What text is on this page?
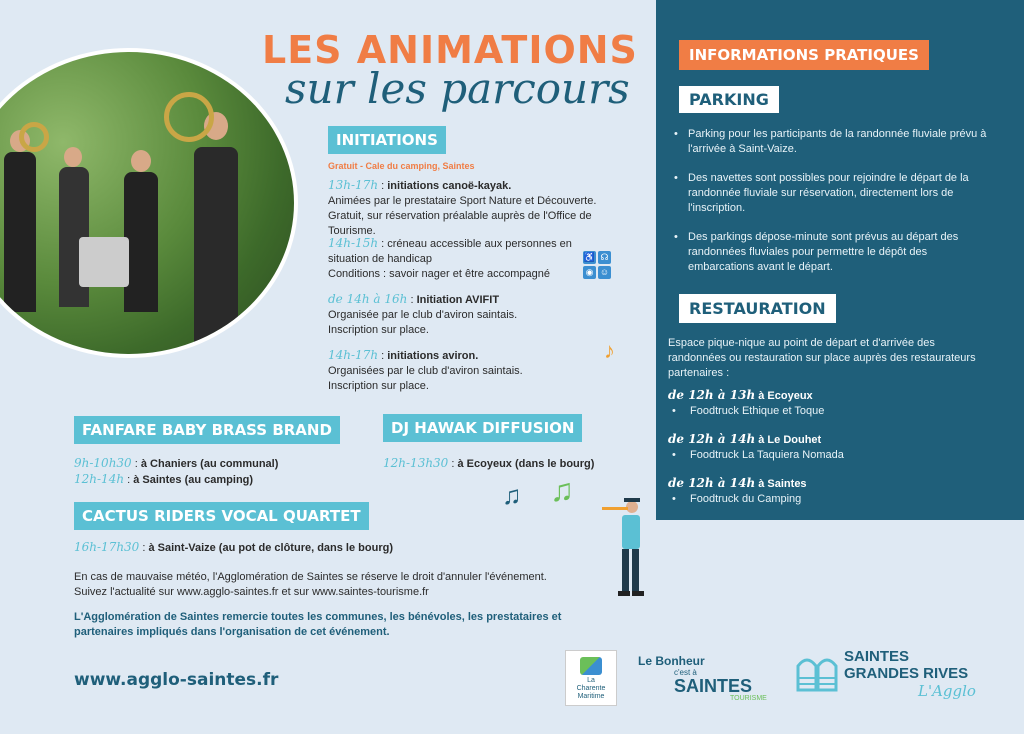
LES ANIMATIONS
sur les parcours
INITIATIONS
Gratuit - Cale du camping, Saintes
13h-17h : initiations canoë-kayak.
Animées par le prestataire Sport Nature et Découverte. Gratuit, sur réservation préalable auprès de l'Office de Tourisme.
14h-15h : créneau accessible aux personnes en situation de handicap
Conditions : savoir nager et être accompagné
♿ ☊
◉ ☺
de 14h à 16h : Initiation AVIFIT
Organisée par le club d'aviron saintais. Inscription sur place.
14h-17h : initiations aviron.
Organisées par le club d'aviron saintais. Inscription sur place.
♪
FANFARE BABY BRASS BRAND
9h-10h30 : à Chaniers (au communal)
12h-14h : à Saintes (au camping)
DJ HAWAK DIFFUSION
12h-13h30 : à Ecoyeux (dans le bourg)
♫ ♫
CACTUS RIDERS VOCAL QUARTET
16h-17h30 : à Saint-Vaize (au pot de clôture, dans le bourg)
En cas de mauvaise météo, l'Agglomération de Saintes se réserve le droit d'annuler l'événement.
Suivez l'actualité sur www.agglo-saintes.fr et sur www.saintes-tourisme.fr
L'Agglomération de Saintes remercie toutes les communes, les bénévoles, les prestataires et
partenaires impliqués dans l'organisation de cet événement.
INFORMATIONS PRATIQUES
PARKING
• Parking pour les participants de la randonnée fluviale prévu à l'arrivée à Saint-Vaize.
• Des navettes sont possibles pour rejoindre le départ de la randonnée fluviale sur réservation, directement lors de l'inscription.
• Des parkings dépose-minute sont prévus au départ des randonnées fluviales pour permettre le dépôt des embarcations avant le départ.
RESTAURATION
Espace pique-nique au point de départ et d'arrivée des randonnées ou restauration sur place auprès des restaurateurs partenaires :
de 12h à 13h à Ecoyeux
• Foodtruck Ethique et Toque
de 12h à 14h à Le Douhet
• Foodtruck La Taquiera Nomada
de 12h à 14h à Saintes
• Foodtruck du Camping
www.agglo-saintes.fr	La
Charente
Maritime
Le Bonheur
c'est à
SAINTES
TOURISME
SAINTES
GRANDES RIVES
L'Agglo
